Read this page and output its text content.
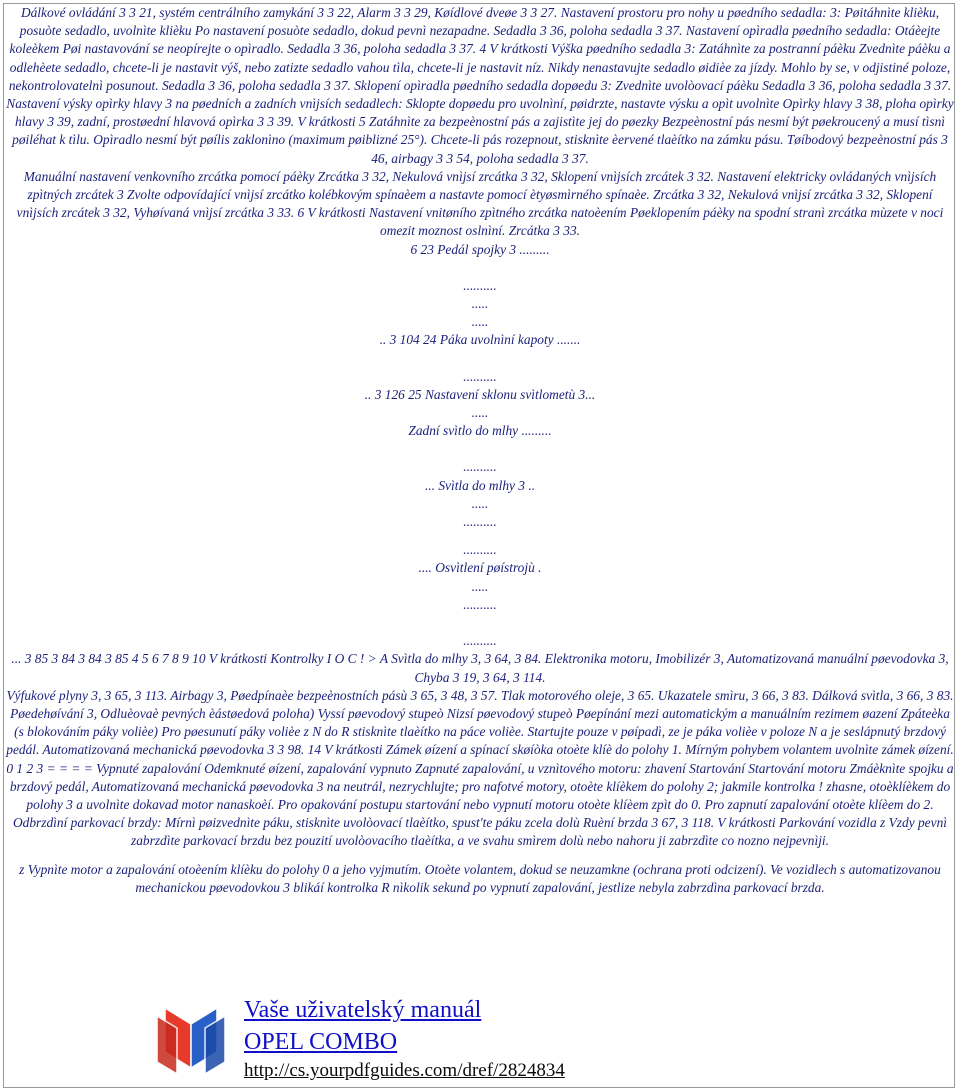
Dálkové ovládání 3 3 21, systém centrálního zamykání 3 3 22, Alarm 3 3 29, Køídlové dveøe 3 3 27. Nastavení prostoru pro nohy u pøedního sedadla: 3: Pøitáhnìte klièku, posuòte sedadlo, uvolnìte klièku Po nastavení posuòte sedadlo, dokud pevnì nezapadne. Sedadla 3 36, poloha sedadla 3 37. Nastavení opìradla pøedního sedadla: Otáèejte koleèkem Pøi nastavování se neopírejte o opìradlo. Sedadla 3 36, poloha sedadla 3 37. 4 V krátkosti Výška pøedního sedadla 3: Zatáhnìte za postranní páèku Zvednìte páèku a odlehèete sedadlo, chcete-li je nastavit výš, nebo zatizte sedadlo vahou tìla, chcete-li je nastavit níz. Nikdy nenastavujte sedadlo øidièe za jízdy. Mohlo by se, v odjistiné poloze, nekontrolovatelnì posunout. Sedadla 3 36, poloha sedadla 3 37. Sklopení opìradla pøedního sedadla dopøedu 3: Zvednìte uvolòovací páèku Sedadla 3 36, poloha sedadla 3 37.

Nastavení výsky opìrky hlavy 3 na pøedních a zadních vnìjsích sedadlech: Sklopte dopøedu pro uvolnìní, pøidrzte, nastavte výsku a opìt uvolnìte Opìrky hlavy 3 38, ploha opìrky hlavy 3 39, zadní, prostøední hlavová opìrka 3 3 39. V krátkosti 5 Zatáhnìte za bezpeènostní pás a zajistìte jej do pøezky Bezpeènostní pás nesmí být pøekroucený a musí tìsnì pøiléhat k tìlu. Opìradlo nesmí být pøílis zaklonìno (maximum pøiblizné 25°). Chcete-li pás rozepnout, stisknìte èervené tlaèítko na zámku pásu. Tøíbodový bezpeènostní pás 3 46, airbagy 3 3 54, poloha sedadla 3 37.

Manuální nastavení venkovního zrcátka pomocí páèky Zrcátka 3 32, Nekulová vnìjsí zrcátka 3 32, Sklopení vnìjsích zrcátek 3 32. Nastavení elektricky ovládaných vnìjsích zpìtných zrcátek 3 Zvolte odpovídající vnìjsí zrcátko kolébkovým spínaèem a nastavte pomocí ètyøsmìrného spínaèe. Zrcátka 3 32, Nekulová vnìjsí zrcátka 3 32, Sklopení vnìjsích zrcátek 3 32, Vyhøívaná vnìjsí zrcátka 3 33. 6 V krátkosti Nastavení vnitøního zpìtného zrcátka natoèením Pøeklopením páèky na spodní stranì zrcátka mùzete v noci omezit moznost oslnìní. Zrcátka 3 33.

6 23 Pedál spojky 3 .........

..........

.....

.....

.. 3 104 24 Páka uvolnìní kapoty .......

..........

.. 3 126 25 Nastavení sklonu svìtlometù 3...

.....

Zadní svìtlo do mlhy .........

..........

... Svìtla do mlhy 3 ..

.....

..........

..........

.... Osvìtlení pøístrojù .

.....

..........

..........

... 3 85 3 84 3 84 3 85 4 5 6 7 8 9 10 V krátkosti Kontrolky I O C ! > A Svìtla do mlhy 3, 3 64, 3 84. Elektronika motoru, Imobilizér 3, Automatizovaná manuální pøevodovka 3, Chyba 3 19, 3 64, 3 114.

Výfukové plyny 3, 3 65, 3 113. Airbagy 3, Pøedpínaèe bezpeènostních pásù 3 65, 3 48, 3 57. Tlak motorového oleje, 3 65. Ukazatele smìru, 3 66, 3 83. Dálková svìtla, 3 66, 3 83.

Pøedehøívání 3, Odluèovaè pevných èástøedová poloha) Vyssí pøevodový stupeò Nizsí pøevodový stupeò Pøepínání mezi automatickým a manuálním rezimem øazení Zpáteèka (s blokováním páky volièe) Pro pøesunutí páky volièe z N do R stisknìte tlaèítko na páce volièe. Startujte pouze v pøípadì, ze je páka volièe v poloze N a je seslápnutý brzdový pedál. Automatizovaná mechanická pøevodovka 3 3 98. 14 V krátkosti Zámek øízení a spínací skøíòka otoète klíè do polohy 1. Mírným pohybem volantem uvolnìte zámek øízení. 0 1 2 3 = = = = Vypnuté zapalování Odemknuté øízení, zapalování vypnuto Zapnuté zapalování, u vznìtového motoru: zhavení Startování Startování motoru Zmáèknìte spojku a brzdový pedál, Automatizovaná mechanická pøevodovka 3 na neutrál, nezrychlujte; pro nafotvé motory, otoète klíèkem do polohy 2; jakmile kontrolka ! zhasne, otoèklíèkem do polohy 3 a uvolnìte dokavad motor nanaskoèí. Pro opakování postupu startování nebo vypnutí motoru otoète klíèem zpìt do 0. Pro zapnutí zapalování otoète klíèem do 2. Odbrzdìní parkovací brzdy: Mírnì pøizvednìte páku, stisknìte uvolòovací tlaèítko, spust'te páku zcela dolù Ruèní brzda 3 67, 3 118. V krátkosti Parkování vozidla z Vzdy pevnì zabrzdìte parkovací brzdu bez pouzití uvolòovacího tlaèítka, a ve svahu smìrem dolù nebo nahoru ji zabrzdìte co nozno nejpevnìji.

z Vypnìte motor a zapalování otoèením klíèku do polohy 0 a jeho vyjmutím. Otoète volantem, dokud se neuzamkne (ochrana proti odcizení). Ve vozidlech s automatizovanou mechanickou pøevodovkou 3 blikáí kontrolka R nìkolik sekund po vypnutí zapalování, jestlize nebyla zabrzdìna parkovací brzda.

Vaše uživatelský manuál
OPEL COMBO
http://cs.yourpdfguides.com/dref/2824834
